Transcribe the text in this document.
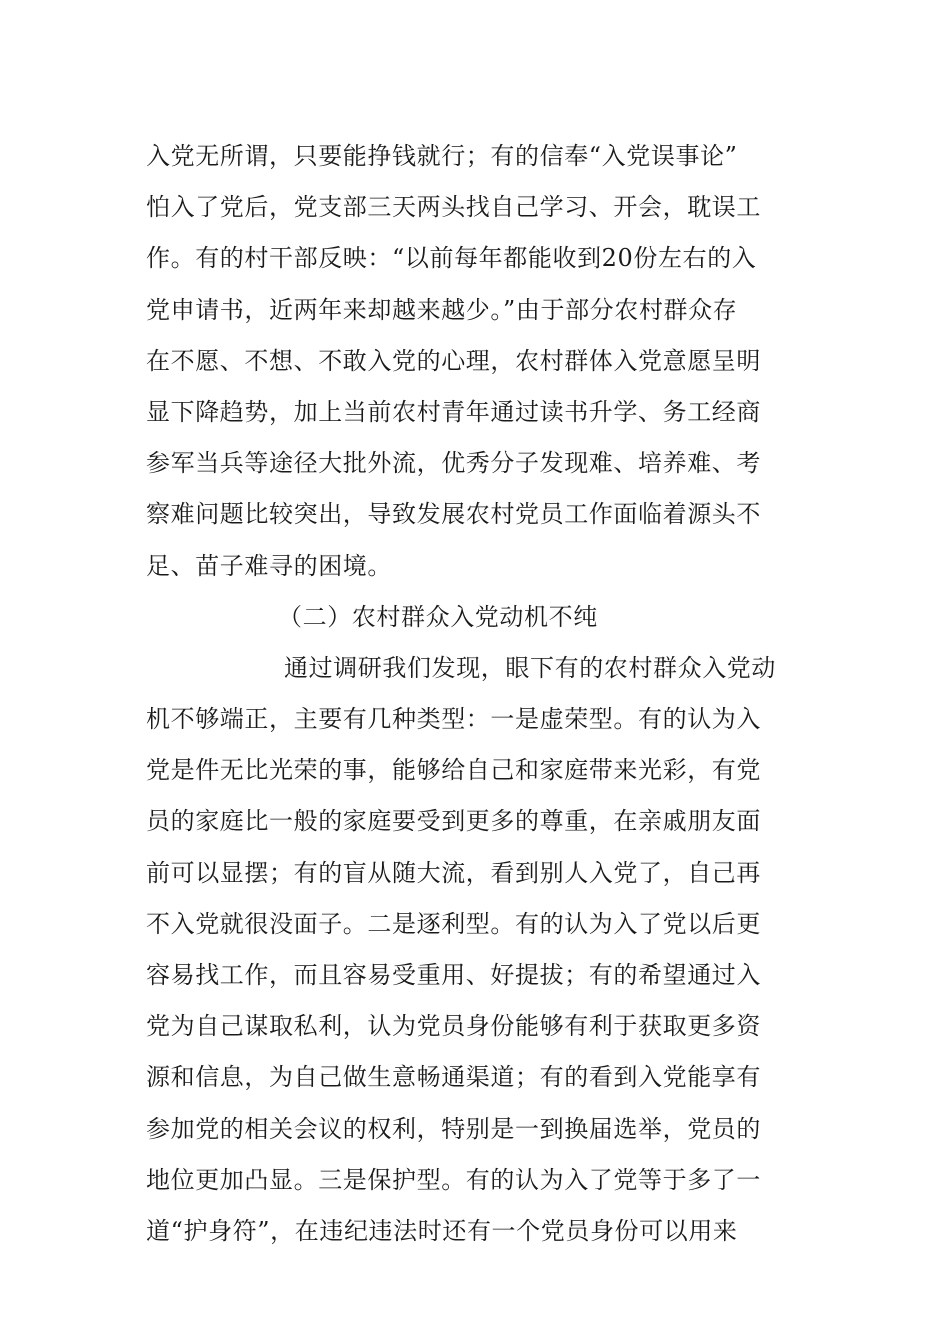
入党无所谓，只要能挣钱就行；有的信奉“入党误事论”
怕入了党后，党支部三天两头找自己学习、开会，耽误工
作。有的村干部反映：“以前每年都能收到20份左右的入
党申请书，近两年来却越来越少。”由于部分农村群众存
在不愿、不想、不敢入党的心理，农村群体入党意愿呈明
显下降趋势，加上当前农村青年通过读书升学、务工经商
参军当兵等途径大批外流，优秀分子发现难、培养难、考
察难问题比较突出，导致发展农村党员工作面临着源头不
足、苗子难寻的困境。
（二）农村群众入党动机不纯
通过调研我们发现，眼下有的农村群众入党动
机不够端正，主要有几种类型：一是虚荣型。有的认为入
党是件无比光荣的事，能够给自己和家庭带来光彩，有党
员的家庭比一般的家庭要受到更多的尊重，在亲戚朋友面
前可以显摆；有的盲从随大流，看到别人入党了，自己再
不入党就很没面子。二是逐利型。有的认为入了党以后更
容易找工作，而且容易受重用、好提拔；有的希望通过入
党为自己谋取私利，认为党员身份能够有利于获取更多资
源和信息，为自己做生意畅通渠道；有的看到入党能享有
参加党的相关会议的权利，特别是一到换届选举，党员的
地位更加凸显。三是保护型。有的认为入了党等于多了一
道“护身符”，在违纪违法时还有一个党员身份可以用来
